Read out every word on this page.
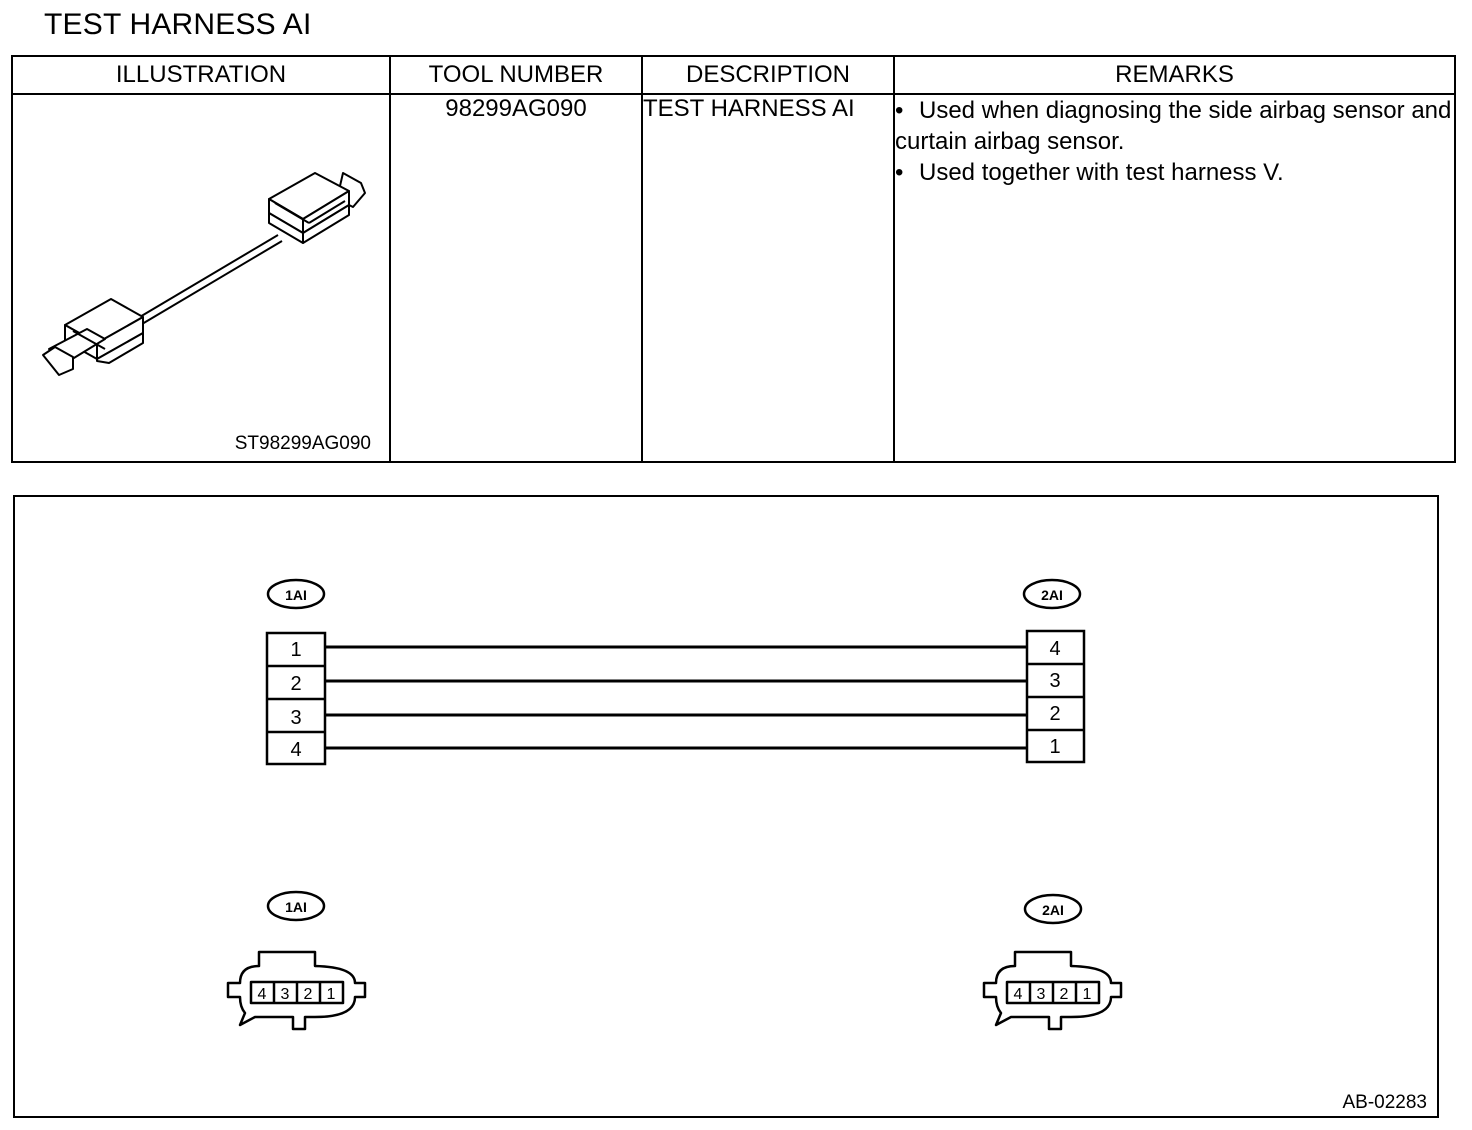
TEST HARNESS AI
ILLUSTRATION	TOOL NUMBER	DESCRIPTION	REMARKS

ST98299AG090	98299AG090	TEST HARNESS AI	• Used when diagnosing the side airbag sensor and curtain airbag sensor.
• Used together with test harness V.
1AI	2AI
1
2
3
4
4
3
2
1
1AI	2AI
4 3 2 1	4 3 2 1
AB-02283
